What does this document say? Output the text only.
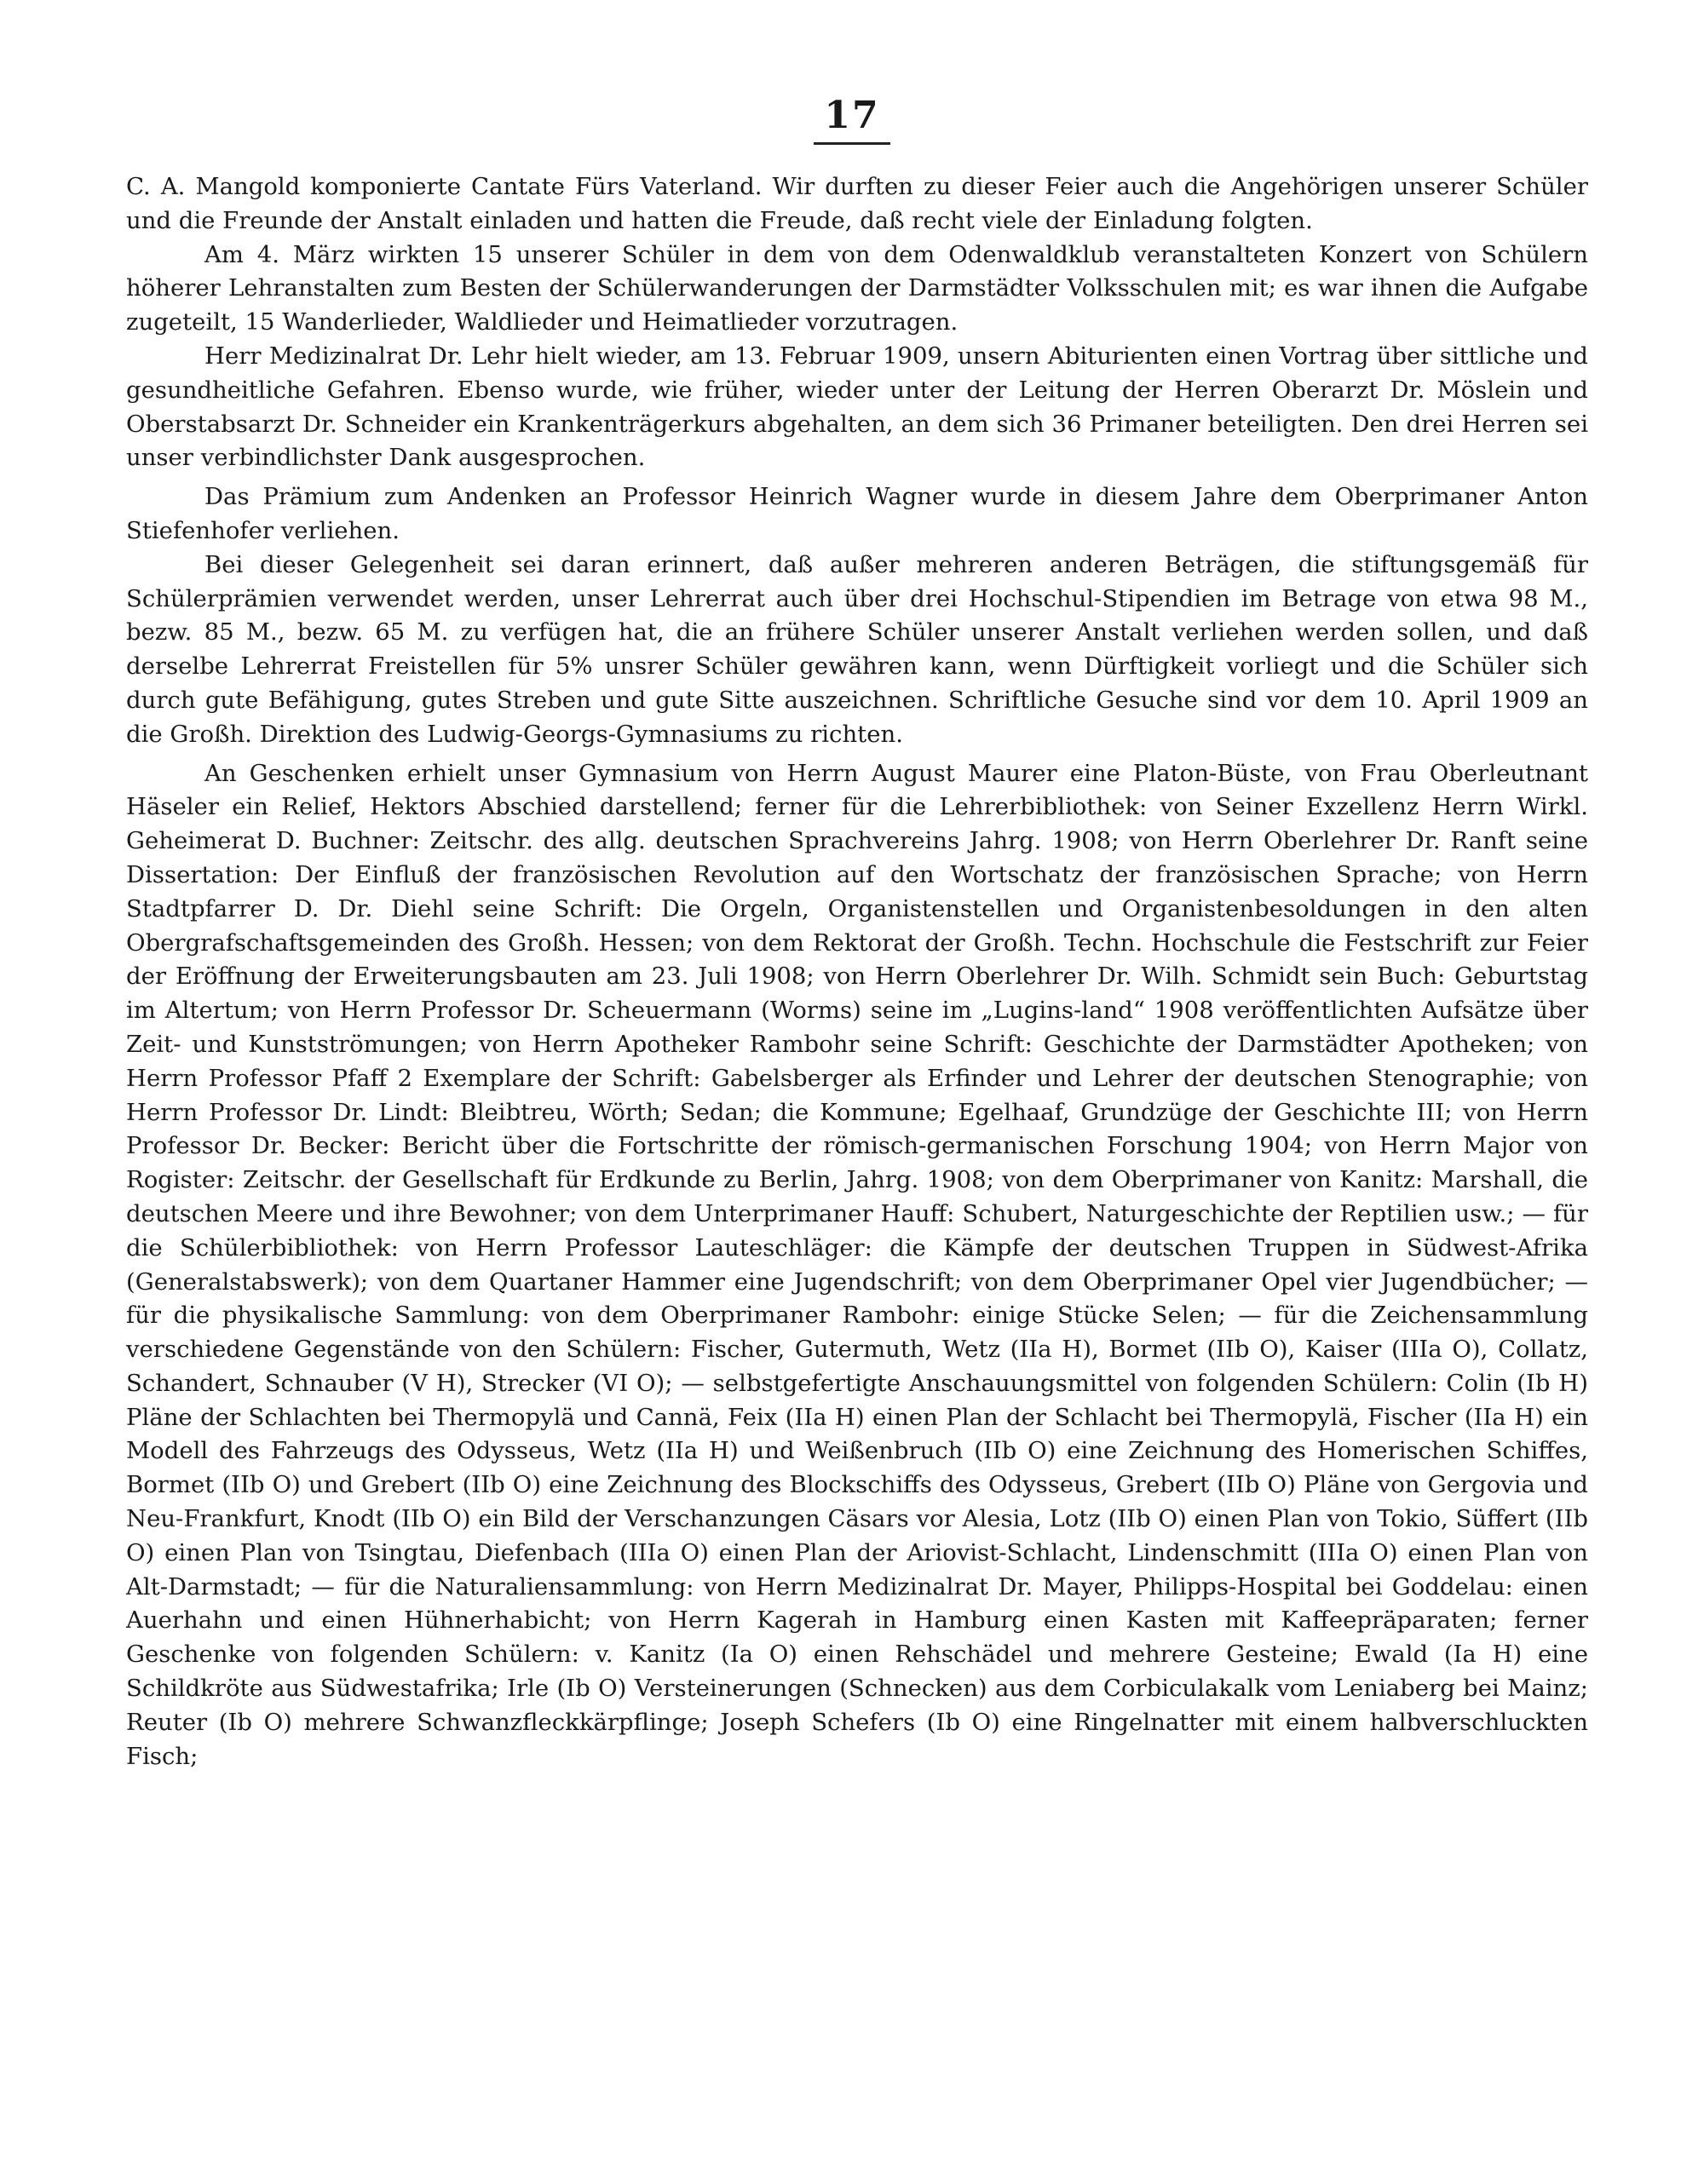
17

C. A. Mangold komponierte Cantate Fürs Vaterland. Wir durften zu dieser Feier auch die Angehörigen unserer Schüler und die Freunde der Anstalt einladen und hatten die Freude, daß recht viele der Einladung folgten.

Am 4. März wirkten 15 unserer Schüler in dem von dem Odenwaldklub veranstalteten Konzert von Schülern höherer Lehranstalten zum Besten der Schülerwanderungen der Darmstädter Volksschulen mit; es war ihnen die Aufgabe zugeteilt, 15 Wanderlieder, Waldlieder und Heimatlieder vorzutragen.

Herr Medizinalrat Dr. Lehr hielt wieder, am 13. Februar 1909, unsern Abiturienten einen Vortrag über sittliche und gesundheitliche Gefahren. Ebenso wurde, wie früher, wieder unter der Leitung der Herren Oberarzt Dr. Möslein und Oberstabsarzt Dr. Schneider ein Krankenträgerkurs abgehalten, an dem sich 36 Primaner beteiligten. Den drei Herren sei unser verbindlichster Dank ausgesprochen.

Das Prämium zum Andenken an Professor Heinrich Wagner wurde in diesem Jahre dem Oberprimaner Anton Stiefenhofer verliehen.

Bei dieser Gelegenheit sei daran erinnert, daß außer mehreren anderen Beträgen, die stiftungsgemäß für Schülerprämien verwendet werden, unser Lehrerrat auch über drei Hochschul-Stipendien im Betrage von etwa 98 M., bezw. 85 M., bezw. 65 M. zu verfügen hat, die an frühere Schüler unserer Anstalt verliehen werden sollen, und daß derselbe Lehrerrat Freistellen für 5% unsrer Schüler gewähren kann, wenn Dürftigkeit vorliegt und die Schüler sich durch gute Befähigung, gutes Streben und gute Sitte auszeichnen. Schriftliche Gesuche sind vor dem 10. April 1909 an die Großh. Direktion des Ludwig-Georgs-Gymnasiums zu richten.

An Geschenken erhielt unser Gymnasium von Herrn August Maurer eine Platon-Büste, von Frau Oberleutnant Häseler ein Relief, Hektors Abschied darstellend; ferner für die Lehrerbibliothek: von Seiner Exzellenz Herrn Wirkl. Geheimerat D. Buchner: Zeitschr. des allg. deutschen Sprachvereins Jahrg. 1908; von Herrn Oberlehrer Dr. Ranft seine Dissertation: Der Einfluß der französischen Revolution auf den Wortschatz der französischen Sprache; von Herrn Stadtpfarrer D. Dr. Diehl seine Schrift: Die Orgeln, Organistenstellen und Organistenbesoldungen in den alten Obergrafschaftsgemeinden des Großh. Hessen; von dem Rektorat der Großh. Techn. Hochschule die Festschrift zur Feier der Eröffnung der Erweiterungsbauten am 23. Juli 1908; von Herrn Oberlehrer Dr. Wilh. Schmidt sein Buch: Geburtstag im Altertum; von Herrn Professor Dr. Scheuermann (Worms) seine im „Lugins-land“ 1908 veröffentlichten Aufsätze über Zeit- und Kunstströmungen; von Herrn Apotheker Rambohr seine Schrift: Geschichte der Darmstädter Apotheken; von Herrn Professor Pfaff 2 Exemplare der Schrift: Gabelsberger als Erfinder und Lehrer der deutschen Stenographie; von Herrn Professor Dr. Lindt: Bleibtreu, Wörth; Sedan; die Kommune; Egelhaaf, Grundzüge der Geschichte III; von Herrn Professor Dr. Becker: Bericht über die Fortschritte der römisch-germanischen Forschung 1904; von Herrn Major von Rogister: Zeitschr. der Gesellschaft für Erdkunde zu Berlin, Jahrg. 1908; von dem Oberprimaner von Kanitz: Marshall, die deutschen Meere und ihre Bewohner; von dem Unterprimaner Hauff: Schubert, Naturgeschichte der Reptilien usw.; — für die Schülerbibliothek: von Herrn Professor Lauteschläger: die Kämpfe der deutschen Truppen in Südwest-Afrika (Generalstabswerk); von dem Quartaner Hammer eine Jugendschrift; von dem Oberprimaner Opel vier Jugendbücher; — für die physikalische Sammlung: von dem Oberprimaner Rambohr: einige Stücke Selen; — für die Zeichensammlung verschiedene Gegenstände von den Schülern: Fischer, Gutermuth, Wetz (IIa H), Bormet (IIb O), Kaiser (IIIa O), Collatz, Schandert, Schnauber (V H), Strecker (VI O); — selbstgefertigte Anschauungsmittel von folgenden Schülern: Colin (Ib H) Pläne der Schlachten bei Thermopylä und Cannä, Feix (IIa H) einen Plan der Schlacht bei Thermopylä, Fischer (IIa H) ein Modell des Fahrzeugs des Odysseus, Wetz (IIa H) und Weißenbruch (IIb O) eine Zeichnung des Homerischen Schiffes, Bormet (IIb O) und Grebert (IIb O) eine Zeichnung des Blockschiffs des Odysseus, Grebert (IIb O) Pläne von Gergovia und Neu-Frankfurt, Knodt (IIb O) ein Bild der Verschanzungen Cäsars vor Alesia, Lotz (IIb O) einen Plan von Tokio, Süffert (IIb O) einen Plan von Tsingtau, Diefenbach (IIIa O) einen Plan der Ariovist-Schlacht, Lindenschmitt (IIIa O) einen Plan von Alt-Darmstadt; — für die Naturaliensammlung: von Herrn Medizinalrat Dr. Mayer, Philipps-Hospital bei Goddelau: einen Auerhahn und einen Hühnerhabicht; von Herrn Kagerah in Hamburg einen Kasten mit Kaffeepräparaten; ferner Geschenke von folgenden Schülern: v. Kanitz (Ia O) einen Rehschädel und mehrere Gesteine; Ewald (Ia H) eine Schildkröte aus Südwestafrika; Irle (Ib O) Versteinerungen (Schnecken) aus dem Corbiculakalk vom Leniaberg bei Mainz; Reuter (Ib O) mehrere Schwanzfleckkärpflinge; Joseph Schefers (Ib O) eine Ringelnatter mit einem halbverschluckten Fisch;
